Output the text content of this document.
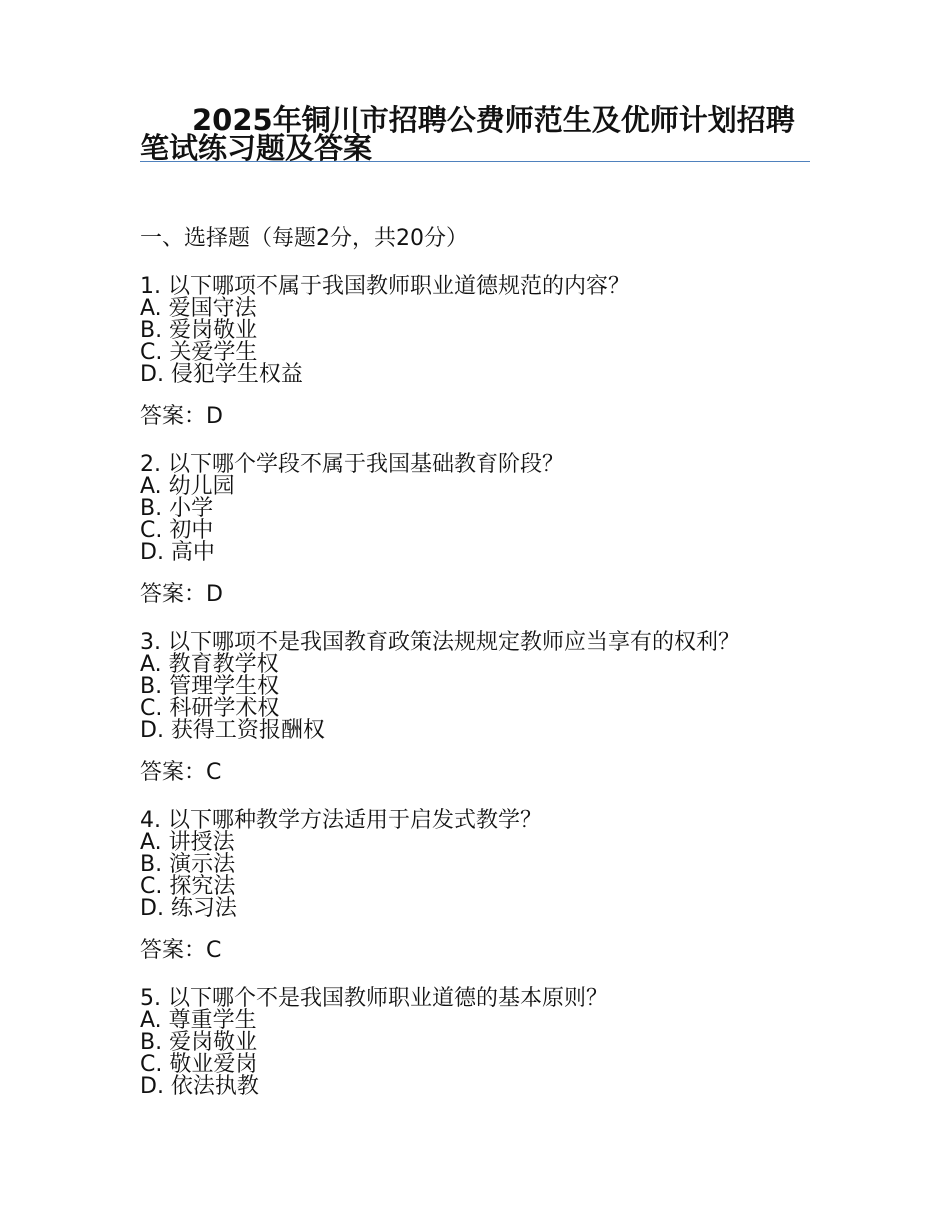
2025年铜川市招聘公费师范生及优师计划招聘笔试练习题及答案

一、选择题（每题2分，共20分）

1. 以下哪项不属于我国教师职业道德规范的内容？

A. 爱国守法

B. 爱岗敬业

C. 关爱学生

D. 侵犯学生权益

答案：D

2. 以下哪个学段不属于我国基础教育阶段？

A. 幼儿园

B. 小学

C. 初中

D. 高中

答案：D

3. 以下哪项不是我国教育政策法规规定教师应当享有的权利？

A. 教育教学权

B. 管理学生权

C. 科研学术权

D. 获得工资报酬权

答案：C

4. 以下哪种教学方法适用于启发式教学？

A. 讲授法

B. 演示法

C. 探究法

D. 练习法

答案：C

5. 以下哪个不是我国教师职业道德的基本原则？

A. 尊重学生

B. 爱岗敬业

C. 敬业爱岗

D. 依法执教
